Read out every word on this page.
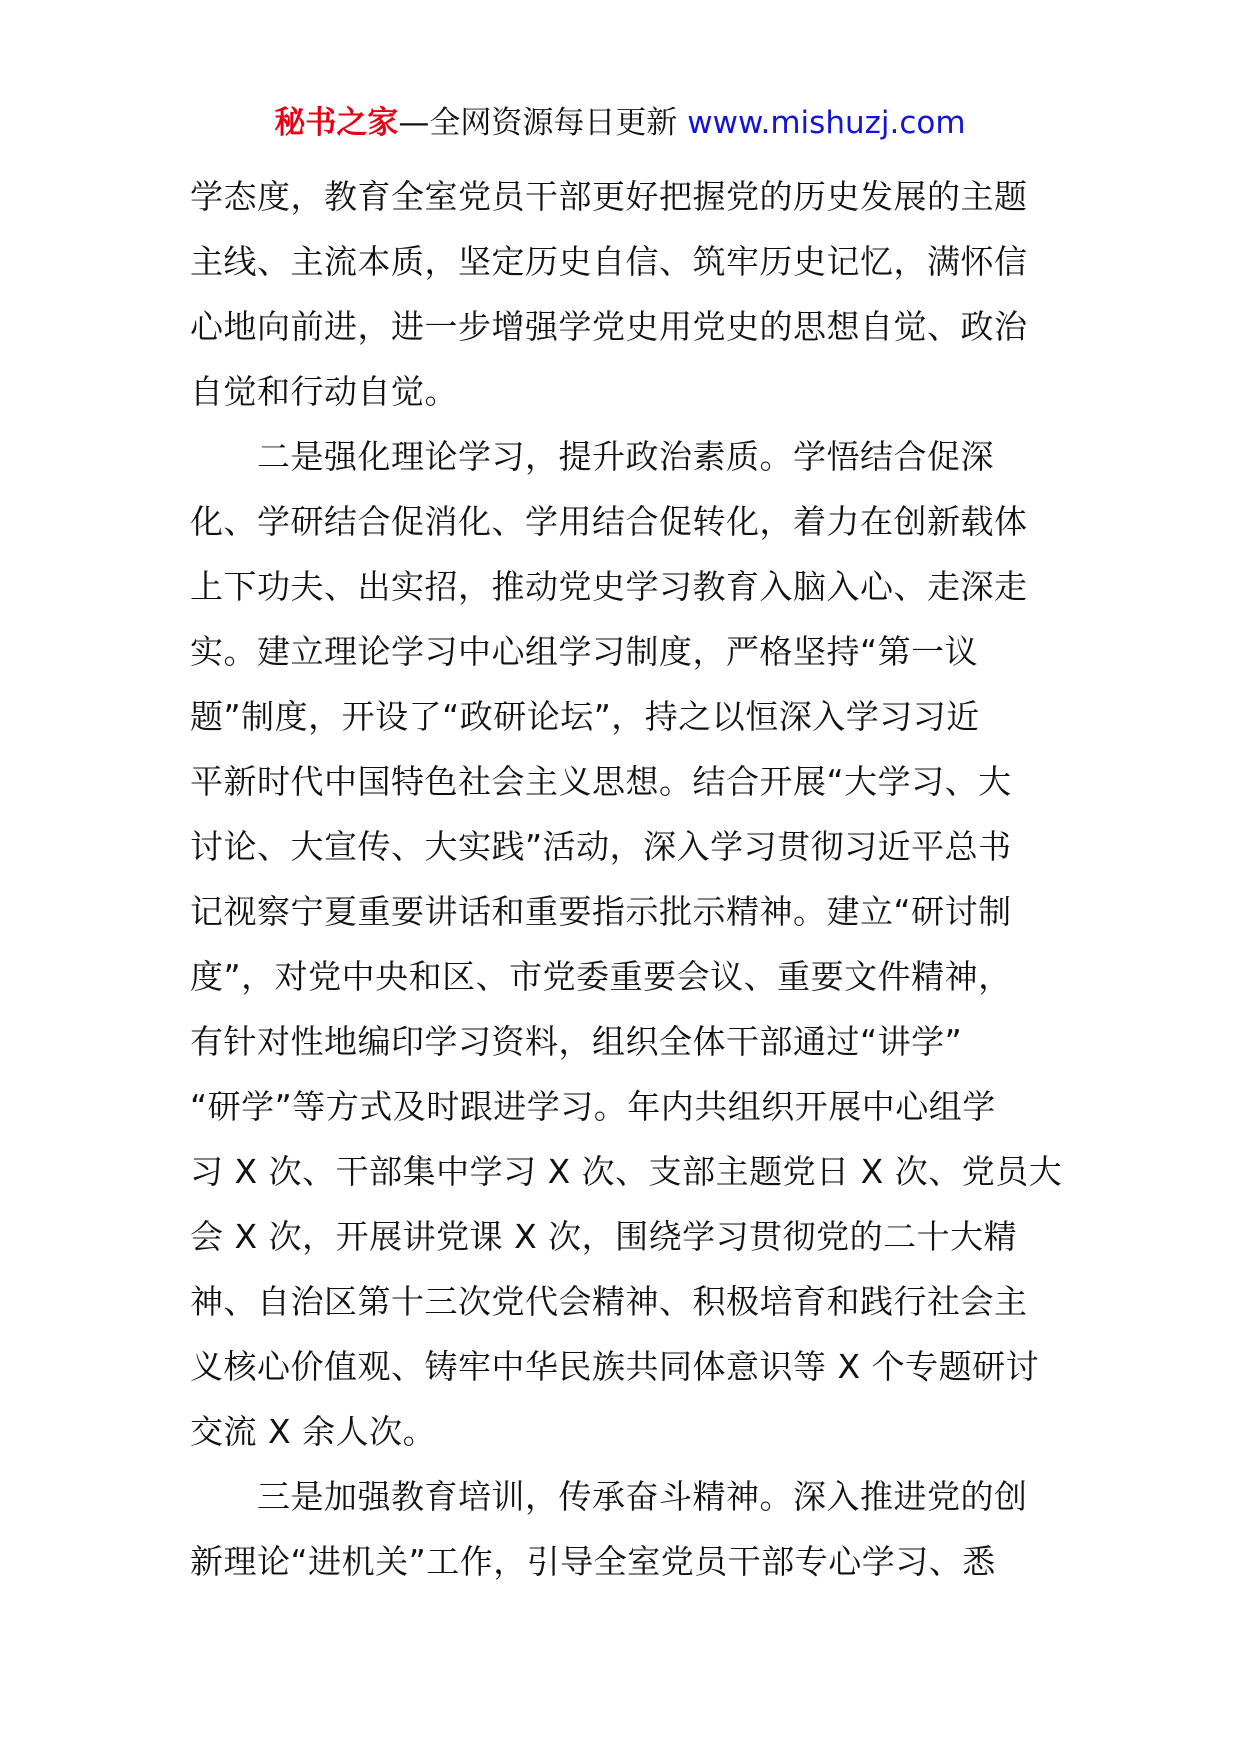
秘书之家—全网资源每日更新 www.mishuzj.com
学态度，教育全室党员干部更好把握党的历史发展的主题
主线、主流本质，坚定历史自信、筑牢历史记忆，满怀信
心地向前进，进一步增强学党史用党史的思想自觉、政治
自觉和行动自觉。
　　二是强化理论学习，提升政治素质。学悟结合促深
化、学研结合促消化、学用结合促转化，着力在创新载体
上下功夫、出实招，推动党史学习教育入脑入心、走深走
实。建立理论学习中心组学习制度，严格坚持“第一议
题”制度，开设了“政研论坛”，持之以恒深入学习习近
平新时代中国特色社会主义思想。结合开展“大学习、大
讨论、大宣传、大实践”活动，深入学习贯彻习近平总书
记视察宁夏重要讲话和重要指示批示精神。建立“研讨制
度”，对党中央和区、市党委重要会议、重要文件精神，
有针对性地编印学习资料，组织全体干部通过“讲学”
“研学”等方式及时跟进学习。年内共组织开展中心组学
习 X 次、干部集中学习 X 次、支部主题党日 X 次、党员大
会 X 次，开展讲党课 X 次，围绕学习贯彻党的二十大精
神、自治区第十三次党代会精神、积极培育和践行社会主
义核心价值观、铸牢中华民族共同体意识等 X 个专题研讨
交流 X 余人次。
　　三是加强教育培训，传承奋斗精神。深入推进党的创
新理论“进机关”工作，引导全室党员干部专心学习、悉
